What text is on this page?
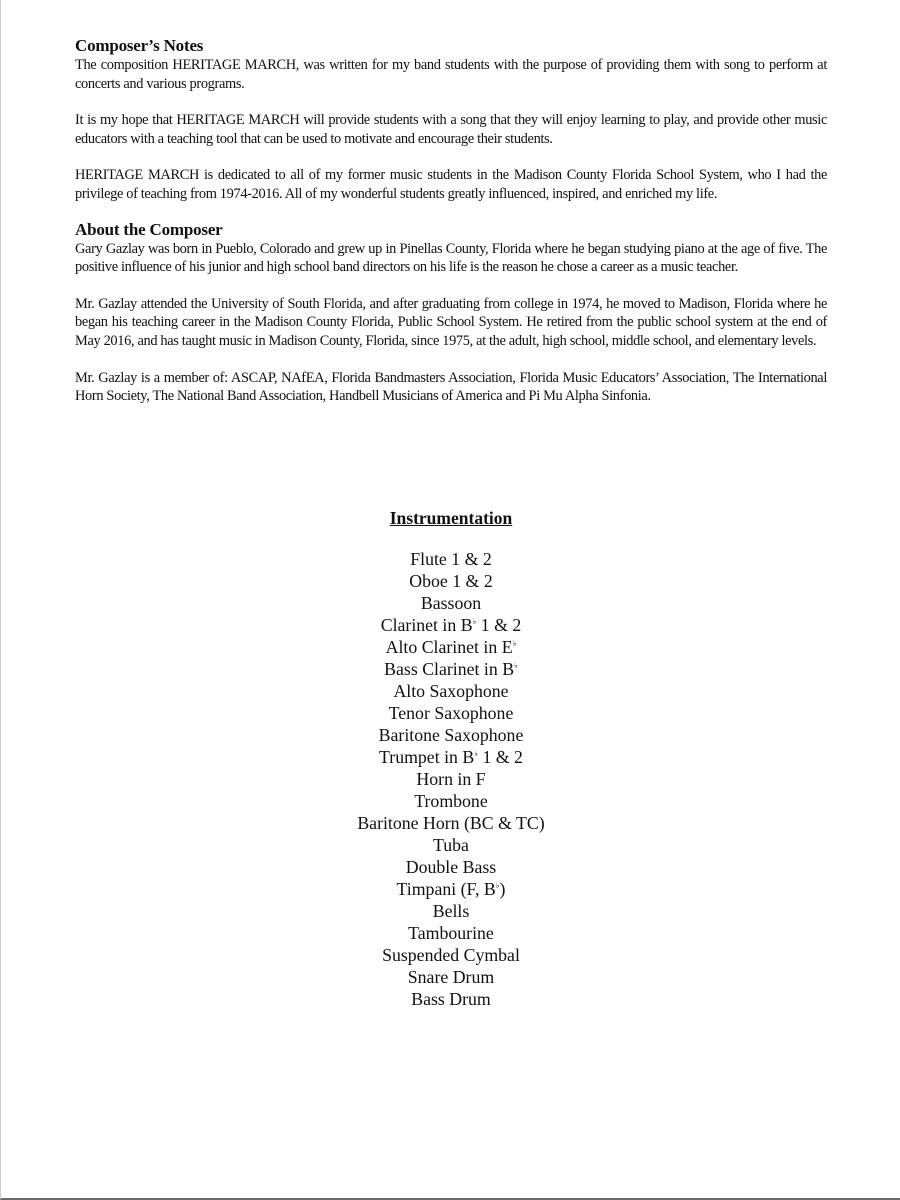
Composer’s Notes

The composition HERITAGE MARCH, was written for my band students with the purpose of providing them with song to perform at concerts and various programs.

It is my hope that HERITAGE MARCH will provide students with a song that they will enjoy learning to play, and provide other music educators with a teaching tool that can be used to motivate and encourage their students.

HERITAGE MARCH is dedicated to all of my former music students in the Madison County Florida School System, who I had the privilege of teaching from 1974-2016. All of my wonderful students greatly influenced, inspired, and enriched my life.

About the Composer

Gary Gazlay was born in Pueblo, Colorado and grew up in Pinellas County, Florida where he began studying piano at the age of five. The positive influence of his junior and high school band directors on his life is the reason he chose a career as a music teacher.

Mr. Gazlay attended the University of South Florida, and after graduating from college in 1974, he moved to Madison, Florida where he began his teaching career in the Madison County Florida, Public School System. He retired from the public school system at the end of May 2016, and has taught music in Madison County, Florida, since 1975, at the adult, high school, middle school, and elementary levels.

Mr. Gazlay is a member of: ASCAP, NAfEA, Florida Bandmasters Association, Florida Music Educators’ Association, The International Horn Society, The National Band Association, Handbell Musicians of America and Pi Mu Alpha Sinfonia.

Instrumentation
Flute 1 & 2
Oboe 1 & 2
Bassoon
Clarinet in B♭ 1 & 2
Alto Clarinet in E♭
Bass Clarinet in B♭
Alto Saxophone
Tenor Saxophone
Baritone Saxophone
Trumpet in B♭ 1 & 2
Horn in F
Trombone
Baritone Horn (BC & TC)
Tuba
Double Bass
Timpani (F, B♭)
Bells
Tambourine
Suspended Cymbal
Snare Drum
Bass Drum
